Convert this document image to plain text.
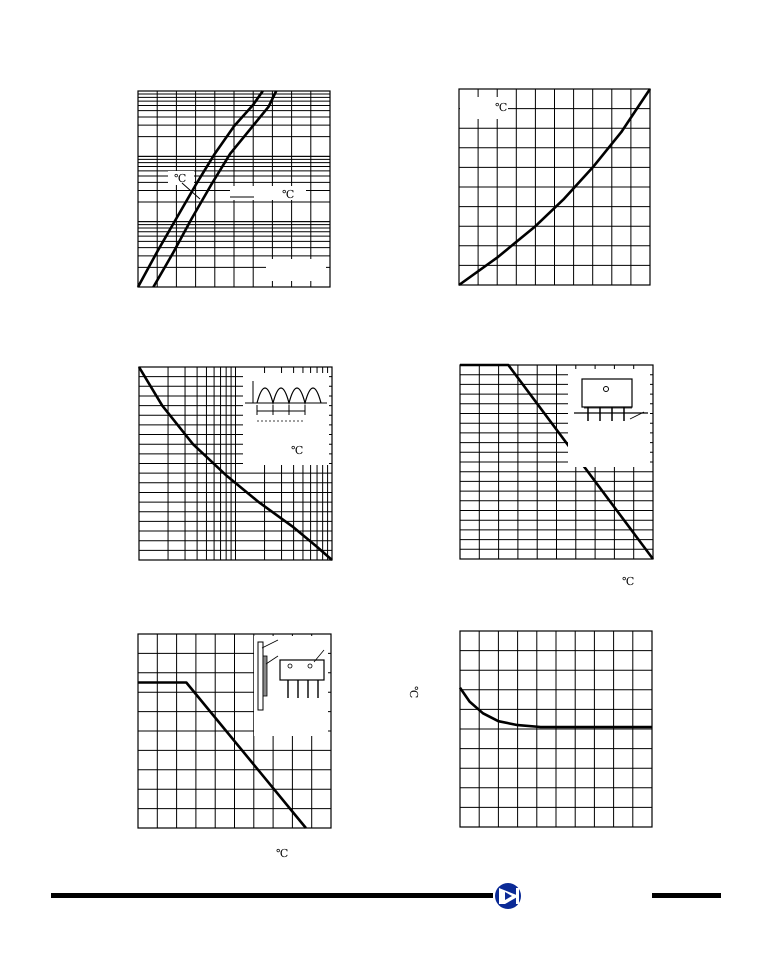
℃
℃
℃
℃
℃
℃
℃
